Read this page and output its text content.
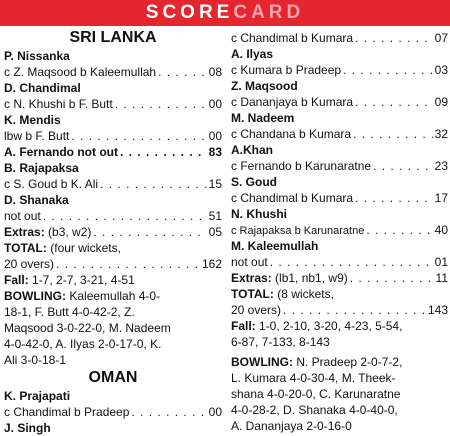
SCORECARD
SRI LANKA
P. Nissanka
c Z. Maqsood b Kaleemullah . . .	08
D. Chandimal
c N. Khushi b F. Butt . . .	00
K. Mendis
lbw b F. Butt . . .	00
A. Fernando not out . . .	83
B. Rajapaksa
c S. Goud b K. Ali . . .	15
D. Shanaka
not out . . .	51
Extras: (b3, w2) . . .	05
TOTAL: (four wickets,
20 overs) . . .	162
Fall: 1-7, 2-7, 3-21, 4-51
BOWLING: Kaleemullah 4-0-
18-1, F. Butt 4-0-42-2, Z.
Maqsood 3-0-22-0, M. Nadeem
4-0-42-0, A. Ilyas 2-0-17-0, K.
Ali 3-0-18-1
OMAN
K. Prajapati
c Chandimal b Pradeep . . .	00
J. Singh
c Chandimal b Kumara . . .	07
A. Ilyas
c Kumara b Pradeep . . .	03
Z. Maqsood
c Dananjaya b Kumara . . .	09
M. Nadeem
c Chandana b Kumara . . .	32
A.Khan
c Fernando b Karunaratne . . .	23
S. Goud
c Chandimal b Kumara . . .	17
N. Khushi
c Rajapaksa b Karunaratne . . .	40
M. Kaleemullah
not out . . .	01
Extras: (lb1, nb1, w9) . . .	11
TOTAL: (8 wickets,
20 overs) . . .	143
Fall: 1-0, 2-10, 3-20, 4-23, 5-54,
6-87, 7-133, 8-143
BOWLING: N. Pradeep 2-0-7-2,
L. Kumara 4-0-30-4, M. Theek-
shana 4-0-20-0, C. Karunaratne
4-0-28-2, D. Shanaka 4-0-40-0,
A. Dananjaya 2-0-16-0
